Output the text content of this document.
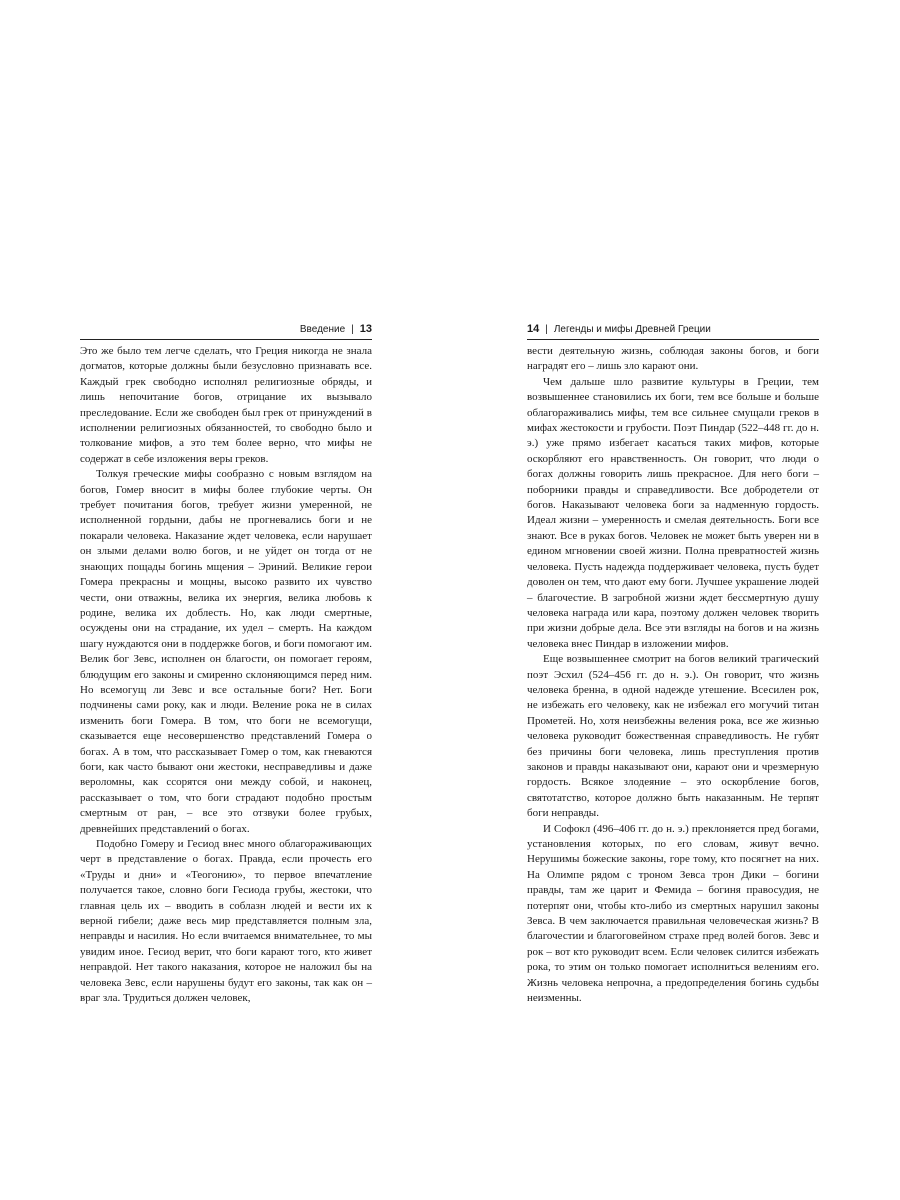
Введение | 13

Это же было тем легче сделать, что Греция никогда не знала догматов, которые должны были безусловно признавать все. Каждый грек свободно исполнял религиозные обряды, и лишь непочитание богов, отрицание их вызывало преследование. Если же свободен был грек от принуждений в исполнении религиозных обязанностей, то свободно было и толкование мифов, а это тем более верно, что мифы не содержат в себе изложения веры греков.

Толкуя греческие мифы сообразно с новым взглядом на богов, Гомер вносит в мифы более глубокие черты. Он требует почитания богов, требует жизни умеренной, не исполненной гордыни, дабы не прогневались боги и не покарали человека. Наказание ждет человека, если нарушает он злыми делами волю богов, и не уйдет он тогда от не знающих пощады богинь мщения – Эриний. Великие герои Гомера прекрасны и мощны, высоко развито их чувство чести, они отважны, велика их энергия, велика любовь к родине, велика их доблесть. Но, как люди смертные, осуждены они на страдание, их удел – смерть. На каждом шагу нуждаются они в поддержке богов, и боги помогают им. Велик бог Зевс, исполнен он благости, он помогает героям, блюдущим его законы и смиренно склоняющимся перед ним. Но всемогущ ли Зевс и все остальные боги? Нет. Боги подчинены сами року, как и люди. Веление рока не в силах изменить боги Гомера. В том, что боги не всемогущи, сказывается еще несовершенство представлений Гомера о богах. А в том, что рассказывает Гомер о том, как гневаются боги, как часто бывают они жестоки, несправедливы и даже вероломны, как ссорятся они между собой, и наконец, рассказывает о том, что боги страдают подобно простым смертным от ран, – все это отзвуки более грубых, древнейших представлений о богах.

Подобно Гомеру и Гесиод внес много облагораживающих черт в представление о богах. Правда, если прочесть его «Труды и дни» и «Теогонию», то первое впечатление получается такое, словно боги Гесиода грубы, жестоки, что главная цель их – вводить в соблазн людей и вести их к верной гибели; даже весь мир представляется полным зла, неправды и насилия. Но если вчитаемся внимательнее, то мы увидим иное. Гесиод верит, что боги карают того, кто живет неправдой. Нет такого наказания, которое не наложил бы на человека Зевс, если нарушены будут его законы, так как он – враг зла. Трудиться должен человек,

14 | Легенды и мифы Древней Греции

вести деятельную жизнь, соблюдая законы богов, и боги наградят его – лишь зло карают они.

Чем дальше шло развитие культуры в Греции, тем возвышеннее становились их боги, тем все больше и больше облагораживались мифы, тем все сильнее смущали греков в мифах жестокости и грубости. Поэт Пиндар (522–448 гг. до н. э.) уже прямо избегает касаться таких мифов, которые оскорбляют его нравственность. Он говорит, что люди о богах должны говорить лишь прекрасное. Для него боги – поборники правды и справедливости. Все добродетели от богов. Наказывают человека боги за надменную гордость. Идеал жизни – умеренность и смелая деятельность. Боги все знают. Все в руках богов. Человек не может быть уверен ни в едином мгновении своей жизни. Полна превратностей жизнь человека. Пусть надежда поддерживает человека, пусть будет доволен он тем, что дают ему боги. Лучшее украшение людей – благочестие. В загробной жизни ждет бессмертную душу человека награда или кара, поэтому должен человек творить при жизни добрые дела. Все эти взгляды на богов и на жизнь человека внес Пиндар в изложении мифов.

Еще возвышеннее смотрит на богов великий трагический поэт Эсхил (524–456 гг. до н. э.). Он говорит, что жизнь человека бренна, в одной надежде утешение. Всесилен рок, не избежать его человеку, как не избежал его могучий титан Прометей. Но, хотя неизбежны веления рока, все же жизнью человека руководит божественная справедливость. Не губят без причины боги человека, лишь преступления против законов и правды наказывают они, карают они и чрезмерную гордость. Всякое злодеяние – это оскорбление богов, святотатство, которое должно быть наказанным. Не терпят боги неправды.

И Софокл (496–406 гг. до н. э.) преклоняется пред богами, установления которых, по его словам, живут вечно. Нерушимы божеские законы, горе тому, кто посягнет на них. На Олимпе рядом с троном Зевса трон Дики – богини правды, там же царит и Фемида – богиня правосудия, не потерпят они, чтобы кто-либо из смертных нарушил законы Зевса. В чем заключается правильная человеческая жизнь? В благочестии и благоговейном страхе пред волей богов. Зевс и рок – вот кто руководит всем. Если человек силится избежать рока, то этим он только помогает исполниться велениям его. Жизнь человека непрочна, а предопределения богинь судьбы неизменны.
